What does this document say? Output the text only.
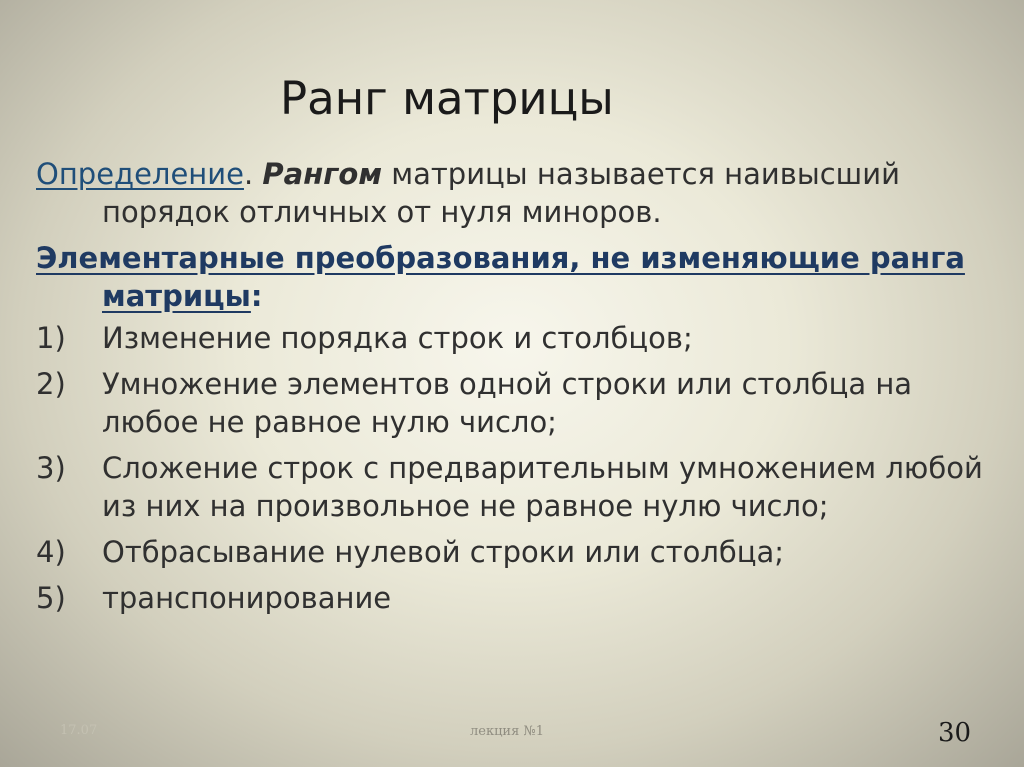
Ранг матрицы

Определение. Рангом матрицы называется наивысший порядок отличных от нуля миноров.

Элементарные преобразования, не изменяющие ранга матрицы:

1) Изменение порядка строк и столбцов;
2) Умножение элементов одной строки или столбца на любое не равное нулю число;
3) Сложение строк с предварительным умножением любой из них на произвольное не равное нулю число;
4) Отбрасывание нулевой строки или столбца;
5) транспонирование
17.07	лекция №1	30
